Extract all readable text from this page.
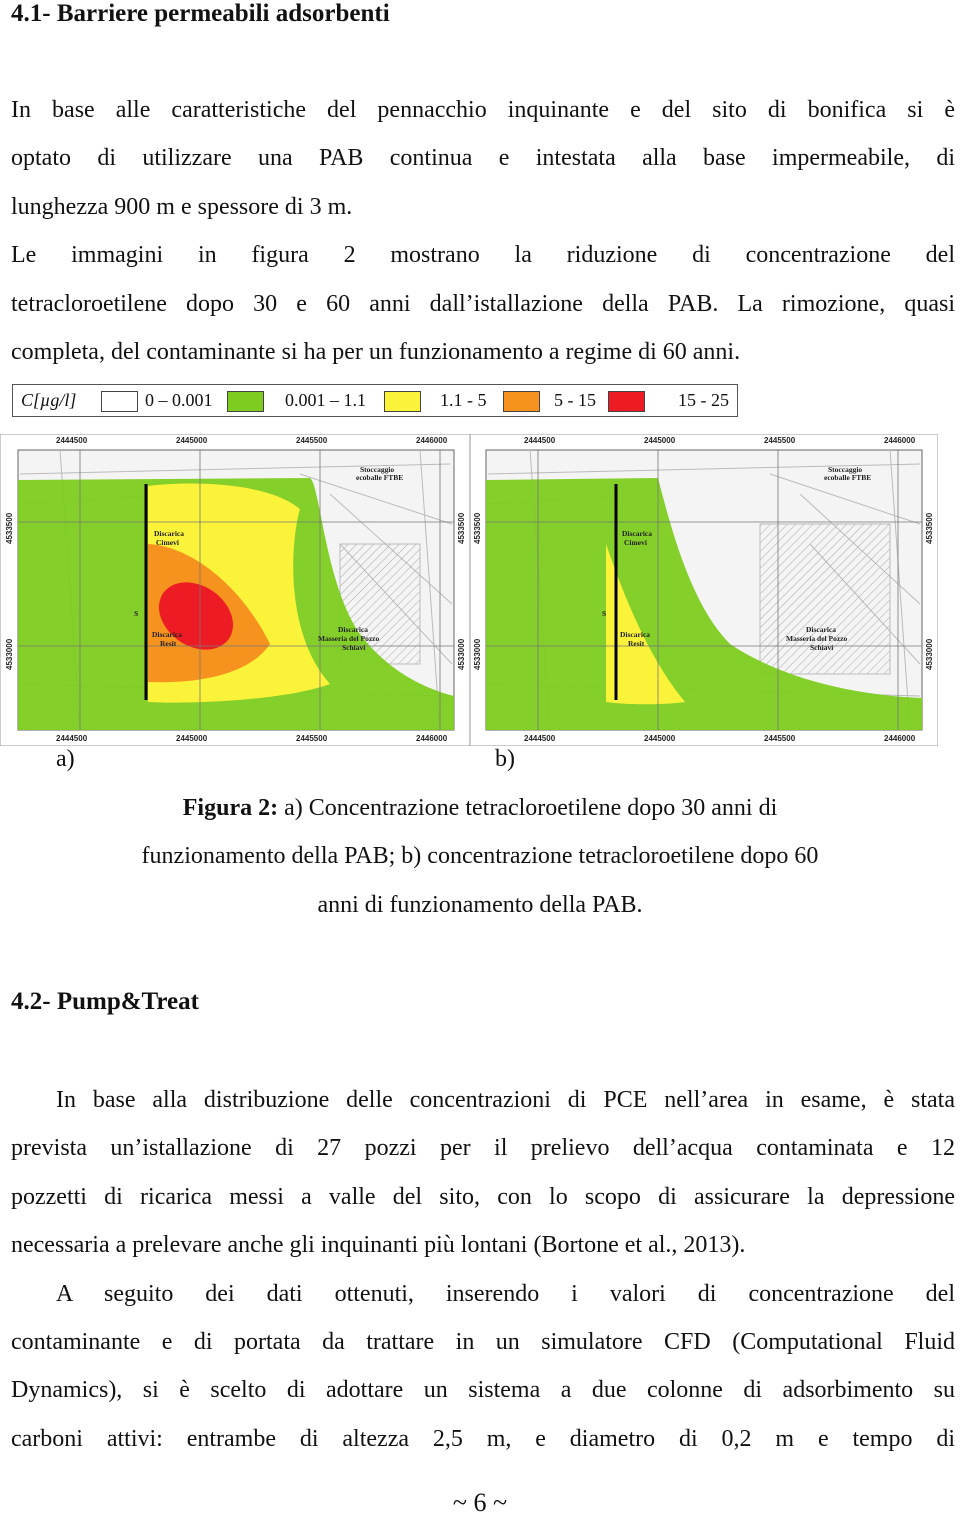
4.1- Barriere permeabili adsorbenti
In base alle caratteristiche del pennacchio inquinante e del sito di bonifica si è
optato di utilizzare una PAB continua e intestata alla base impermeabile, di
lunghezza 900 m e spessore di 3 m.
Le immagini in figura 2 mostrano la riduzione di concentrazione del
tetracloroetilene dopo 30 e 60 anni dall’istallazione della PAB. La rimozione, quasi
completa, del contaminante si ha per un funzionamento a regime di 60 anni.
C[µg/l]	0 – 0.001	0.001 – 1.1	1.1 - 5	5 - 15	15 - 25
2444500	2445000	2445500	2446000
2444500	2445000	2445500	2446000
4533500
4533000
4533500
4533000
Stoccaggio
ecoballe FTBE
Discarica
Cimevi
Discarica
Resit
Discarica
Masseria del Pozzo
Schiavi
S
2444500	2445000	2445500	2446000
2444500	2445000	2445500	2446000
4533500
4533000
4533500
4533000
Stoccaggio
ecoballe FTBE
Discarica
Cimevi
Discarica
Resit
Discarica
Masseria del Pozzo
Schiavi
S
a)	b)
Figura 2: a) Concentrazione tetracloroetilene dopo 30 anni di
funzionamento della PAB; b) concentrazione tetracloroetilene dopo 60
anni di funzionamento della PAB.
4.2- Pump&Treat
In base alla distribuzione delle concentrazioni di PCE nell’area in esame, è stata
prevista un’istallazione di 27 pozzi per il prelievo dell’acqua contaminata e 12
pozzetti di ricarica messi a valle del sito, con lo scopo di assicurare la depressione
necessaria a prelevare anche gli inquinanti più lontani (Bortone et al., 2013).
A seguito dei dati ottenuti, inserendo i valori di concentrazione del
contaminante e di portata da trattare in un simulatore CFD (Computational Fluid
Dynamics), si è scelto di adottare un sistema a due colonne di adsorbimento su
carboni attivi: entrambe di altezza 2,5 m, e diametro di 0,2 m e tempo di
~ 6 ~
